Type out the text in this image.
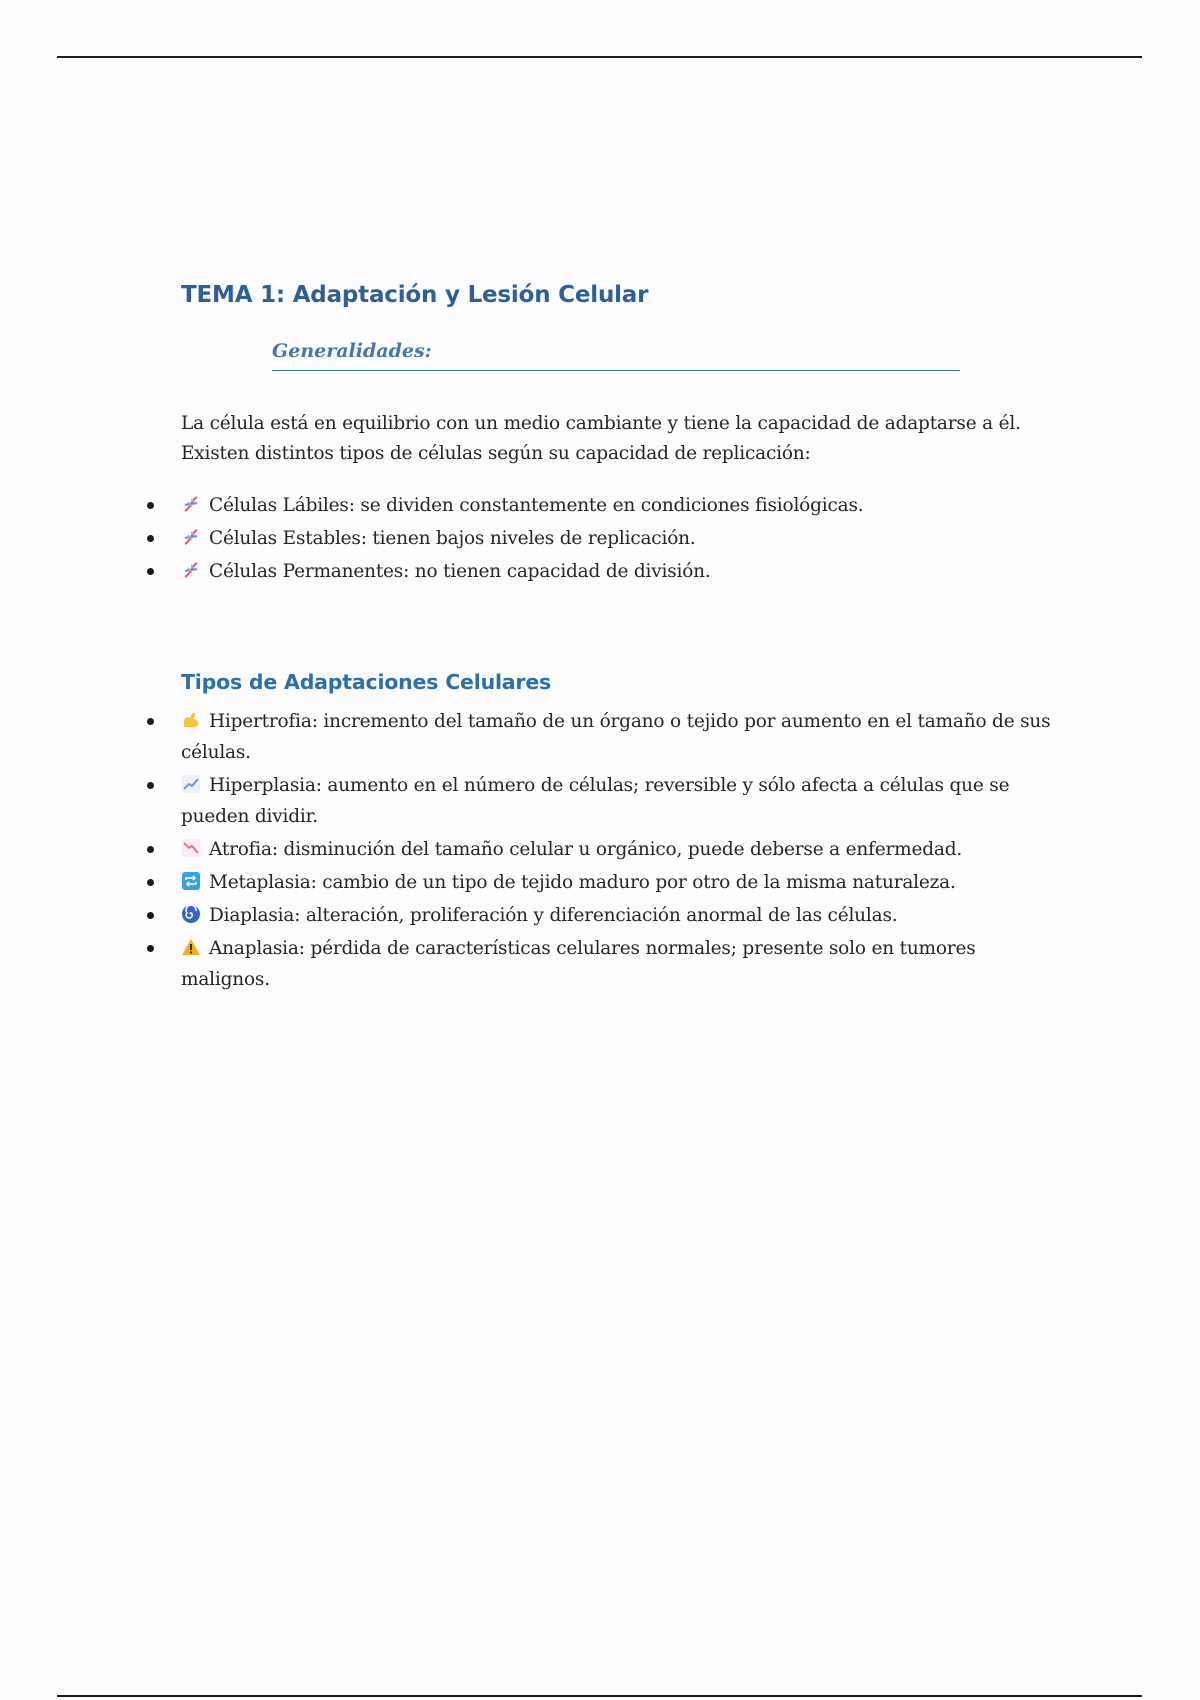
TEMA 1: Adaptación y Lesión Celular
Generalidades:

La célula está en equilibrio con un medio cambiante y tiene la capacidad de adaptarse a él.

Existen distintos tipos de células según su capacidad de replicación:

Células Lábiles: se dividen constantemente en condiciones fisiológicas.
Células Estables: tienen bajos niveles de replicación.
Células Permanentes: no tienen capacidad de división.
Tipos de Adaptaciones Celulares
Hipertrofia: incremento del tamaño de un órgano o tejido por aumento en el tamaño de sus células.
Hiperplasia: aumento en el número de células; reversible y sólo afecta a células que se pueden dividir.
Atrofia: disminución del tamaño celular u orgánico, puede deberse a enfermedad.
Metaplasia: cambio de un tipo de tejido maduro por otro de la misma naturaleza.
Diaplasia: alteración, proliferación y diferenciación anormal de las células.
Anaplasia: pérdida de características celulares normales; presente solo en tumores malignos.
